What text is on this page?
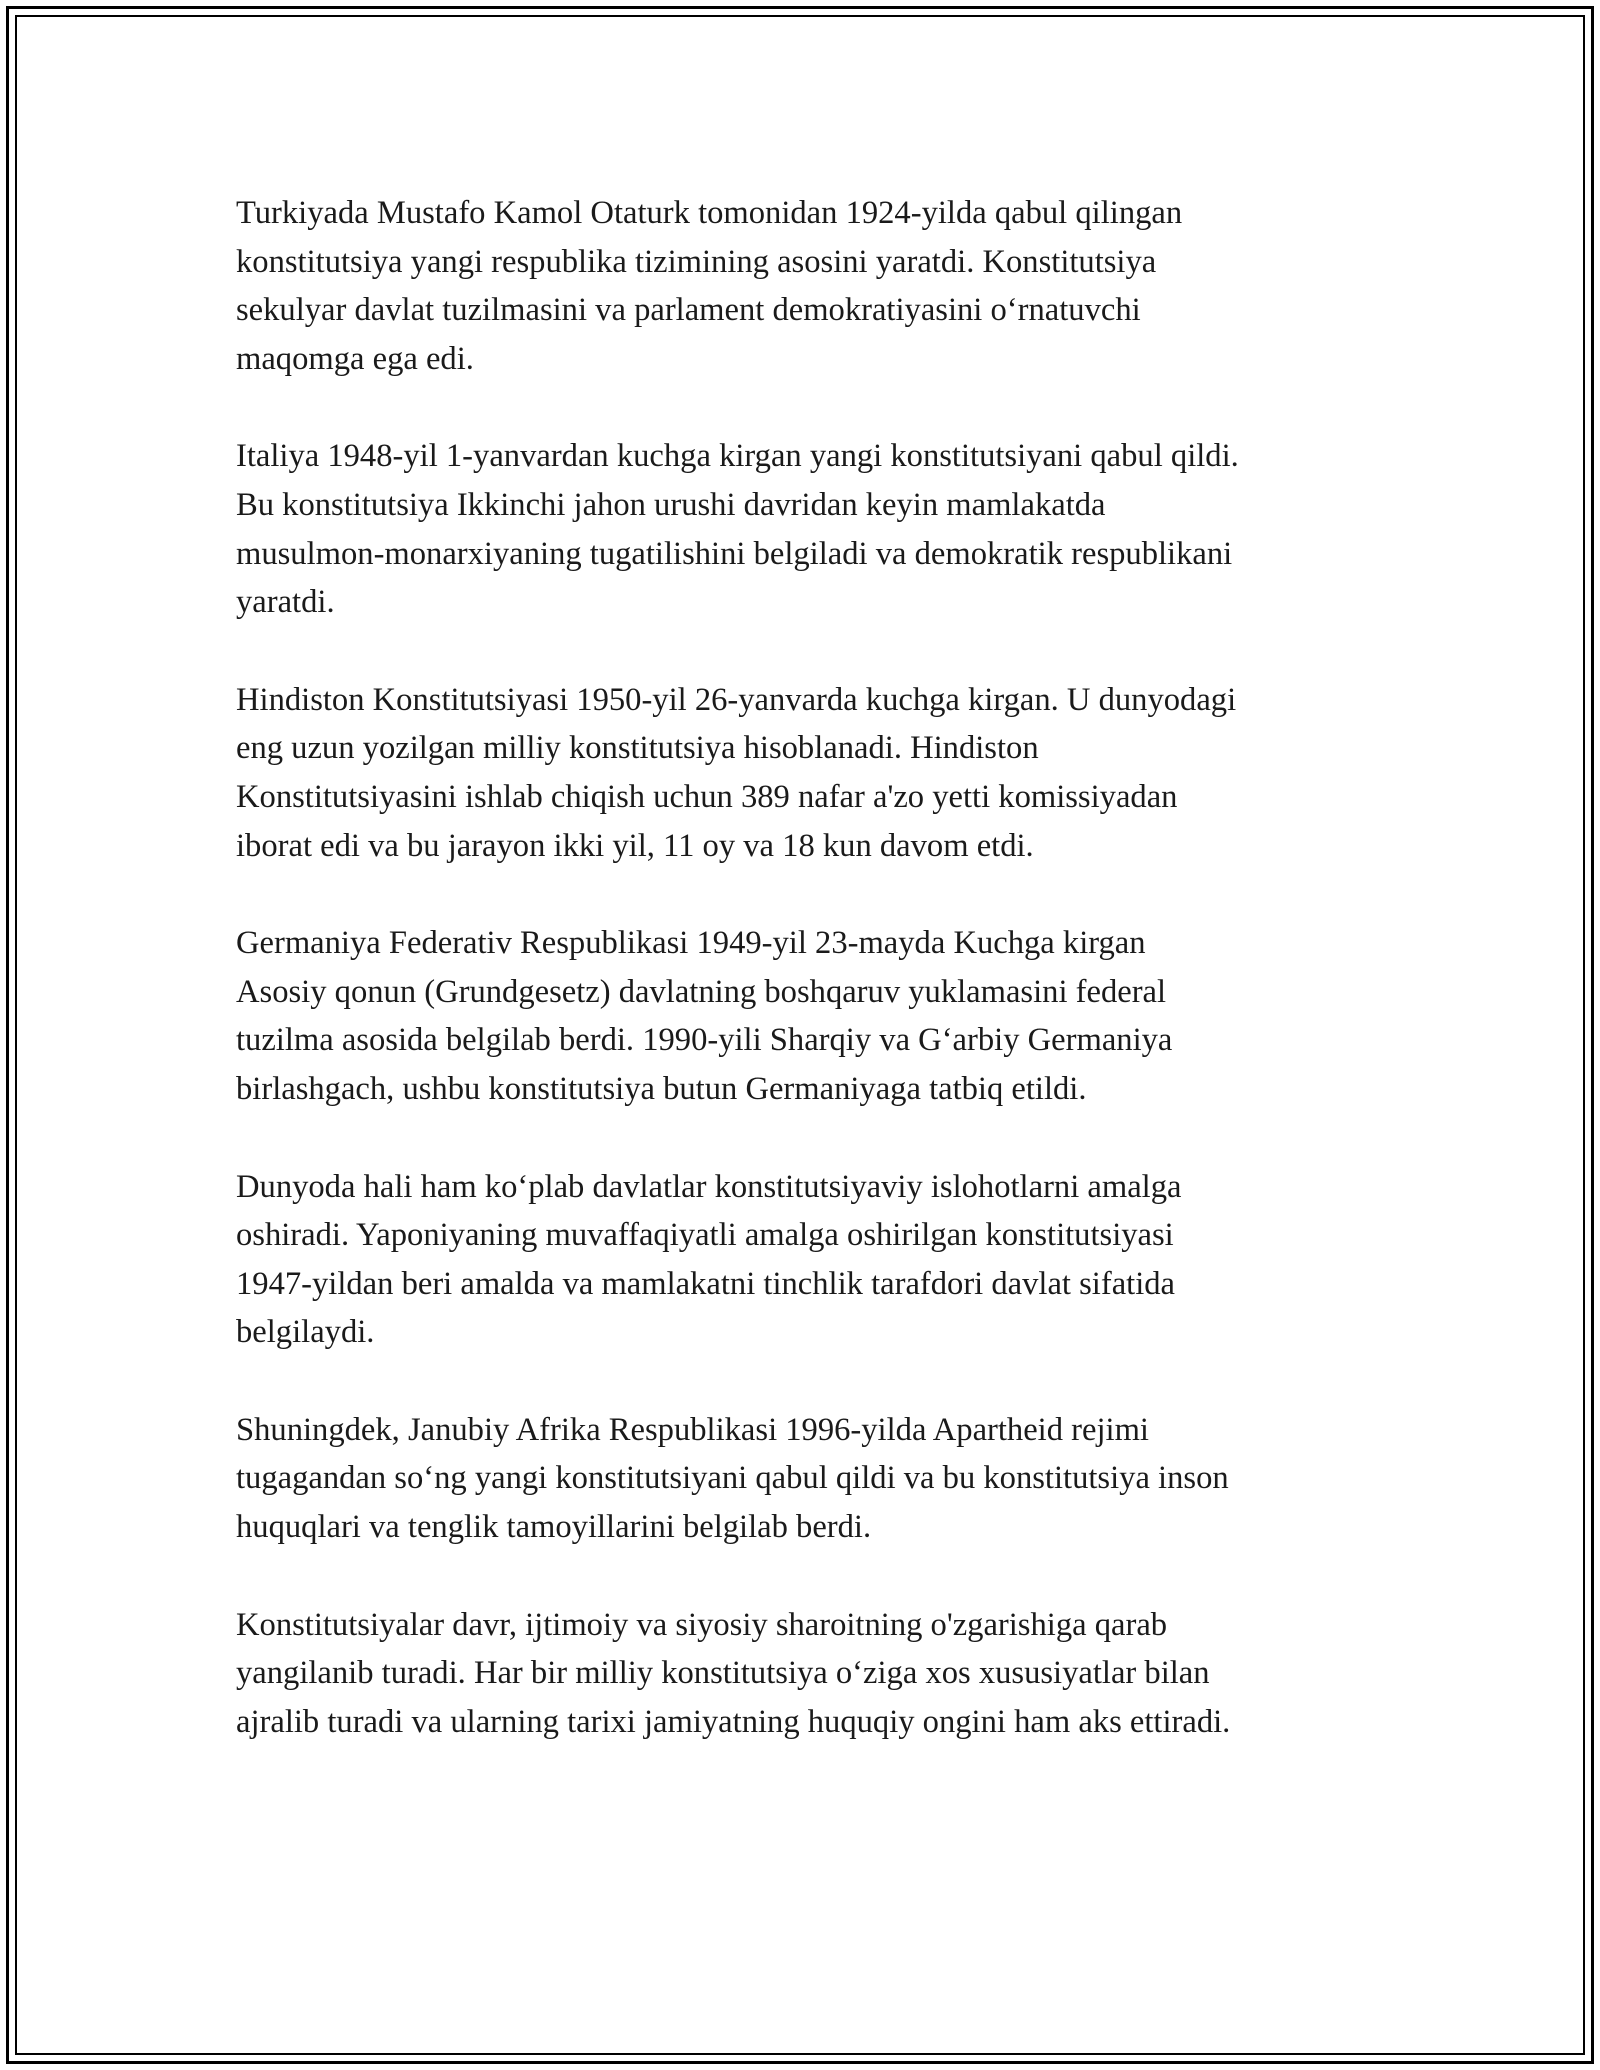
Turkiyada Mustafo Kamol Otaturk tomonidan 1924-yilda qabul qilingan
konstitutsiya yangi respublika tizimining asosini yaratdi. Konstitutsiya
sekulyar davlat tuzilmasini va parlament demokratiyasini o‘rnatuvchi
maqomga ega edi.

Italiya 1948-yil 1-yanvardan kuchga kirgan yangi konstitutsiyani qabul qildi.
Bu konstitutsiya Ikkinchi jahon urushi davridan keyin mamlakatda
musulmon-monarxiyaning tugatilishini belgiladi va demokratik respublikani
yaratdi.

Hindiston Konstitutsiyasi 1950-yil 26-yanvarda kuchga kirgan. U dunyodagi
eng uzun yozilgan milliy konstitutsiya hisoblanadi. Hindiston
Konstitutsiyasini ishlab chiqish uchun 389 nafar a'zo yetti komissiyadan
iborat edi va bu jarayon ikki yil, 11 oy va 18 kun davom etdi.

Germaniya Federativ Respublikasi 1949-yil 23-mayda Kuchga kirgan
Asosiy qonun (Grundgesetz) davlatning boshqaruv yuklamasini federal
tuzilma asosida belgilab berdi. 1990-yili Sharqiy va G‘arbiy Germaniya
birlashgach, ushbu konstitutsiya butun Germaniyaga tatbiq etildi.

Dunyoda hali ham ko‘plab davlatlar konstitutsiyaviy islohotlarni amalga
oshiradi. Yaponiyaning muvaffaqiyatli amalga oshirilgan konstitutsiyasi
1947-yildan beri amalda va mamlakatni tinchlik tarafdori davlat sifatida
belgilaydi.

Shuningdek, Janubiy Afrika Respublikasi 1996-yilda Apartheid rejimi
tugagandan so‘ng yangi konstitutsiyani qabul qildi va bu konstitutsiya inson
huquqlari va tenglik tamoyillarini belgilab berdi.

Konstitutsiyalar davr, ijtimoiy va siyosiy sharoitning o'zgarishiga qarab
yangilanib turadi. Har bir milliy konstitutsiya o‘ziga xos xususiyatlar bilan
ajralib turadi va ularning tarixi jamiyatning huquqiy ongini ham aks ettiradi.
